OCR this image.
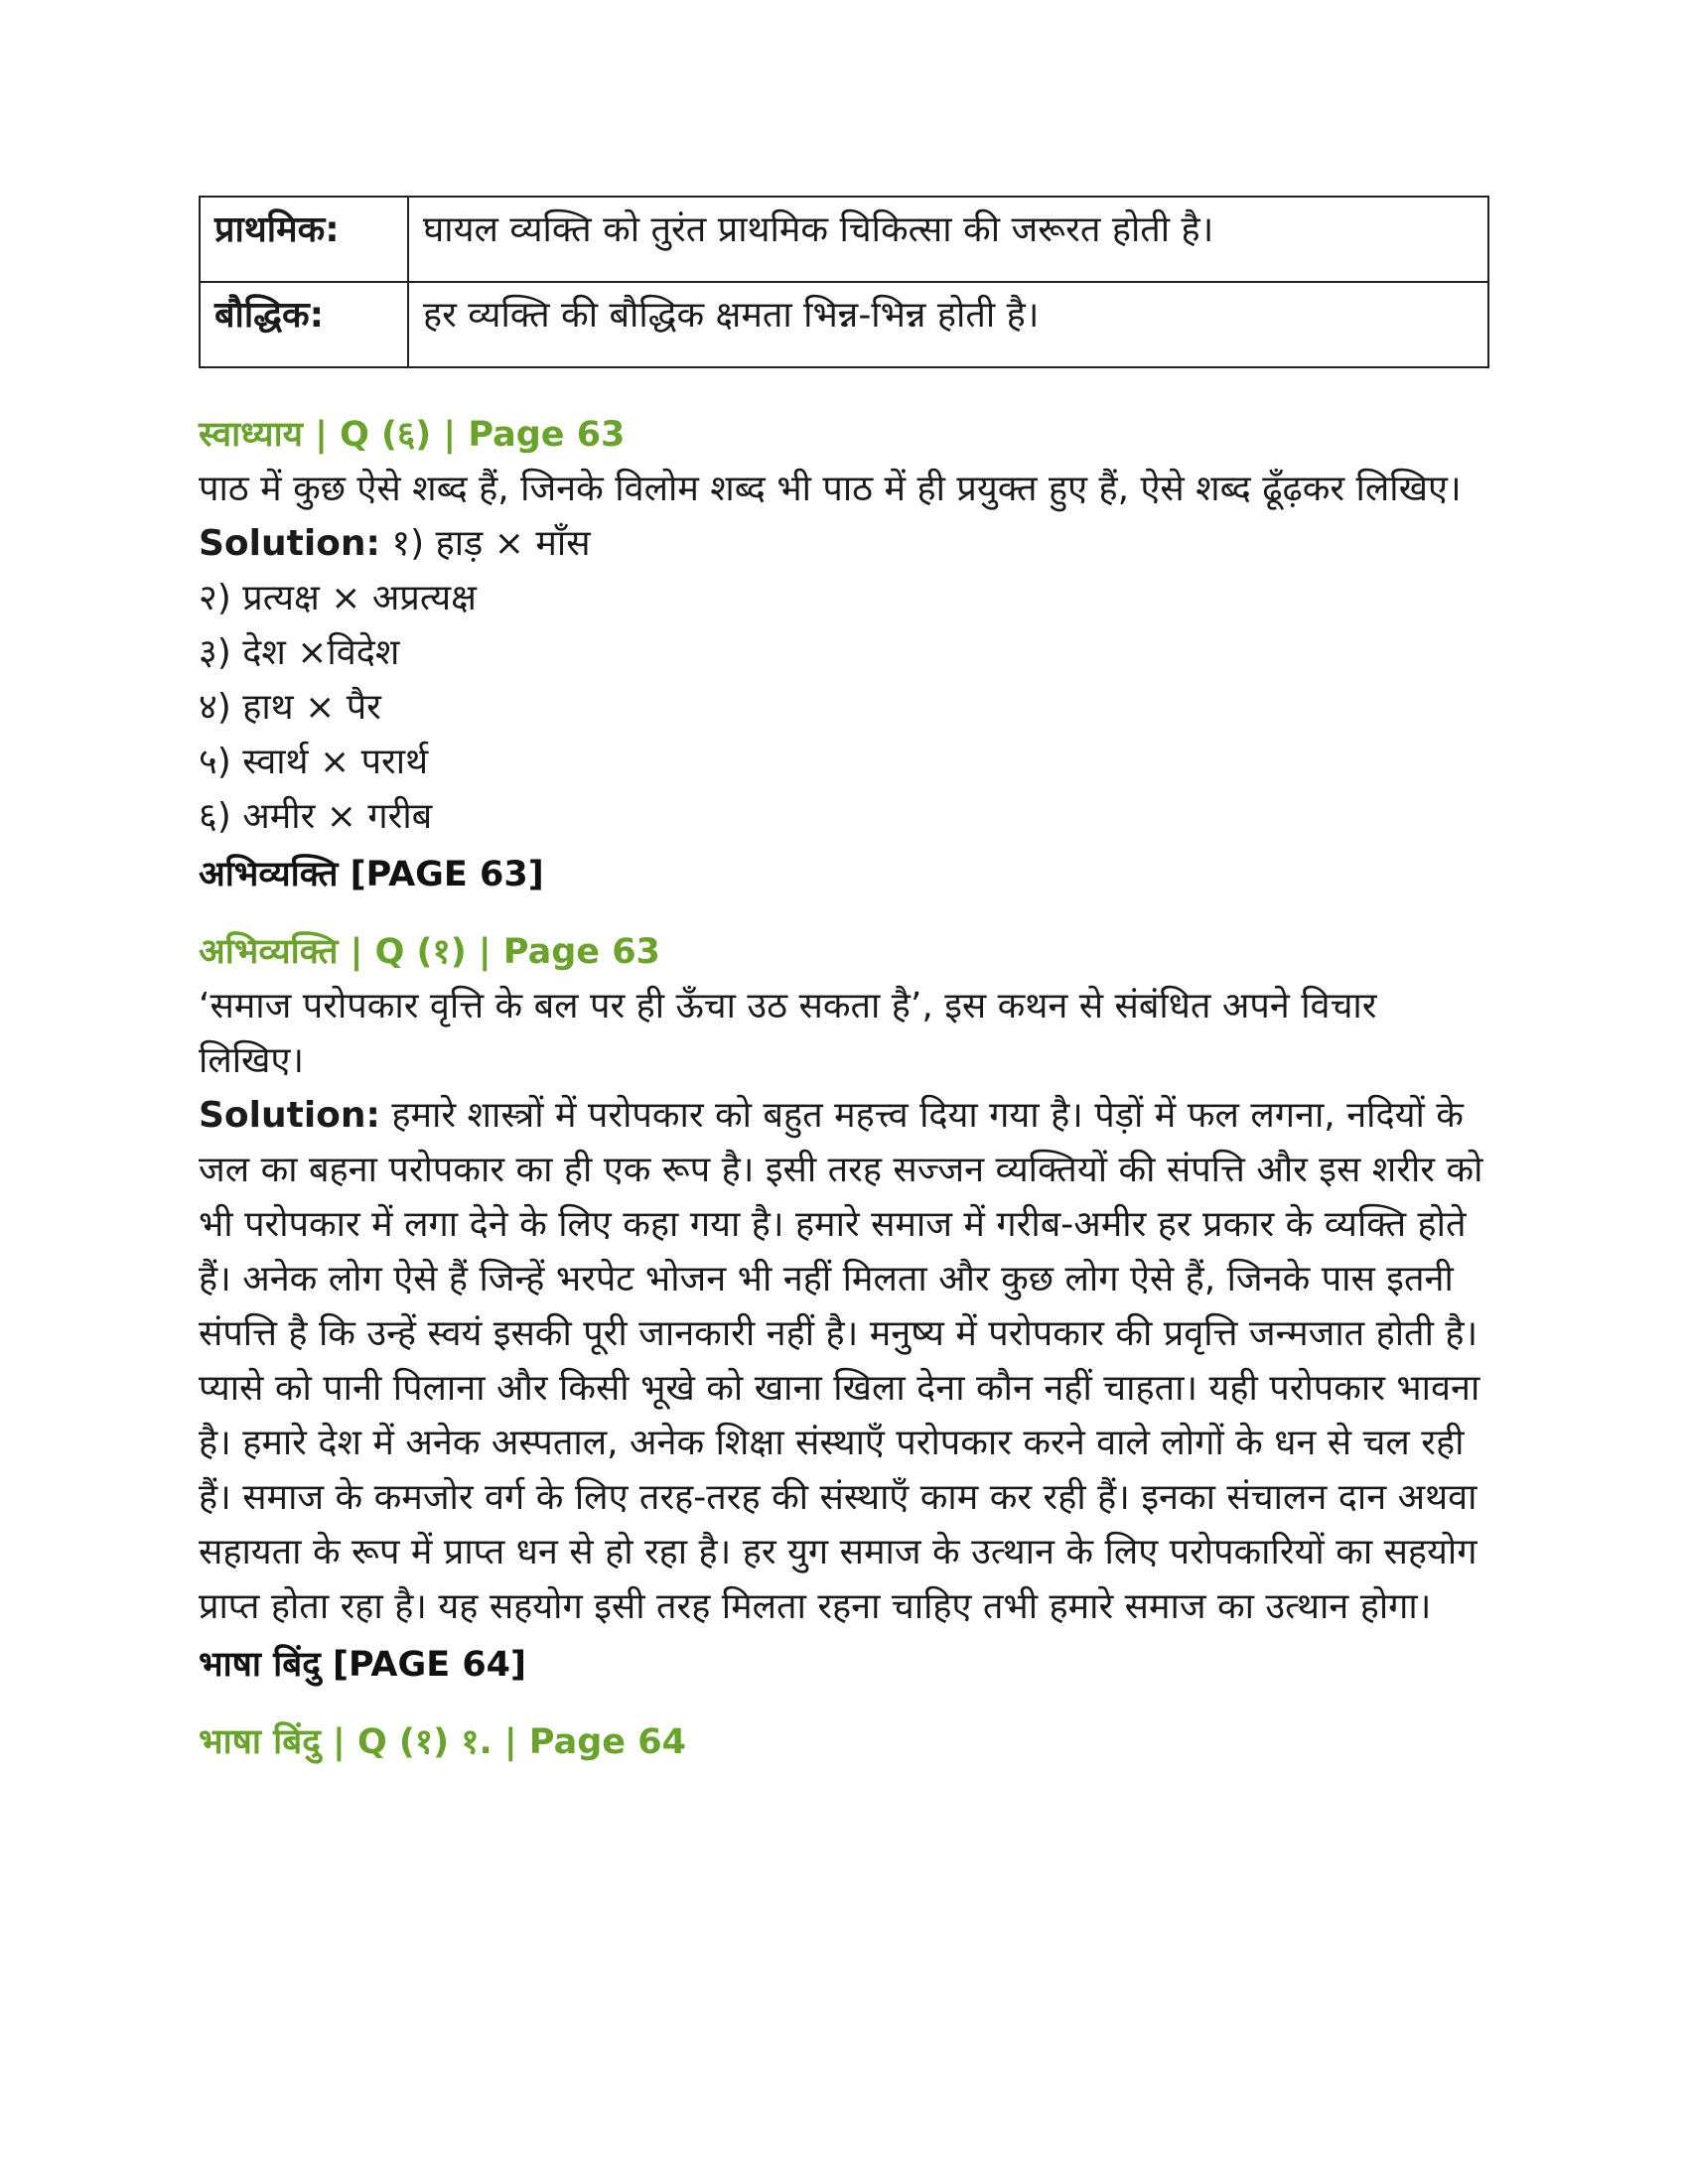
प्राथमिक:	घायल व्यक्ति को तुरंत प्राथमिक चिकित्सा की जरूरत होती है।
बौद्धिक:	हर व्यक्ति की बौद्धिक क्षमता भिन्न-भिन्न होती है।
स्वाध्याय | Q (६) | Page 63

पाठ में कुछ ऐसे शब्द हैं, जिनके विलोम शब्द भी पाठ में ही प्रयुक्त हुए हैं, ऐसे शब्द ढूँढ़कर लिखिए।

Solution: १) हाड़ × माँस
२) प्रत्यक्ष × अप्रत्यक्ष
३) देश ×विदेश
४) हाथ × पैर
५) स्वार्थ × परार्थ
६) अमीर × गरीब
अभिव्यक्ति [PAGE 63]
अभिव्यक्ति | Q (१) | Page 63

‘समाज परोपकार वृत्ति के बल पर ही ऊँचा उठ सकता है’, इस कथन से संबंधित अपने विचार लिखिए।

Solution: हमारे शास्त्रों में परोपकार को बहुत महत्त्व दिया गया है। पेड़ों में फल लगना, नदियों के जल का बहना परोपकार का ही एक रूप है। इसी तरह सज्जन व्यक्तियों की संपत्ति और इस शरीर को भी परोपकार में लगा देने के लिए कहा गया है। हमारे समाज में गरीब-अमीर हर प्रकार के व्यक्ति होते हैं। अनेक लोग ऐसे हैं जिन्हें भरपेट भोजन भी नहीं मिलता और कुछ लोग ऐसे हैं, जिनके पास इतनी संपत्ति है कि उन्हें स्वयं इसकी पूरी जानकारी नहीं है। मनुष्य में परोपकार की प्रवृत्ति जन्मजात होती है। प्यासे को पानी पिलाना और किसी भूखे को खाना खिला देना कौन नहीं चाहता। यही परोपकार भावना है। हमारे देश में अनेक अस्पताल, अनेक शिक्षा संस्थाएँ परोपकार करने वाले लोगों के धन से चल रही हैं। समाज के कमजोर वर्ग के लिए तरह-तरह की संस्थाएँ काम कर रही हैं। इनका संचालन दान अथवा सहायता के रूप में प्राप्त धन से हो रहा है। हर युग समाज के उत्थान के लिए परोपकारियों का सहयोग प्राप्त होता रहा है। यह सहयोग इसी तरह मिलता रहना चाहिए तभी हमारे समाज का उत्थान होगा।

भाषा बिंदु [PAGE 64]
भाषा बिंदु | Q (१) १. | Page 64
